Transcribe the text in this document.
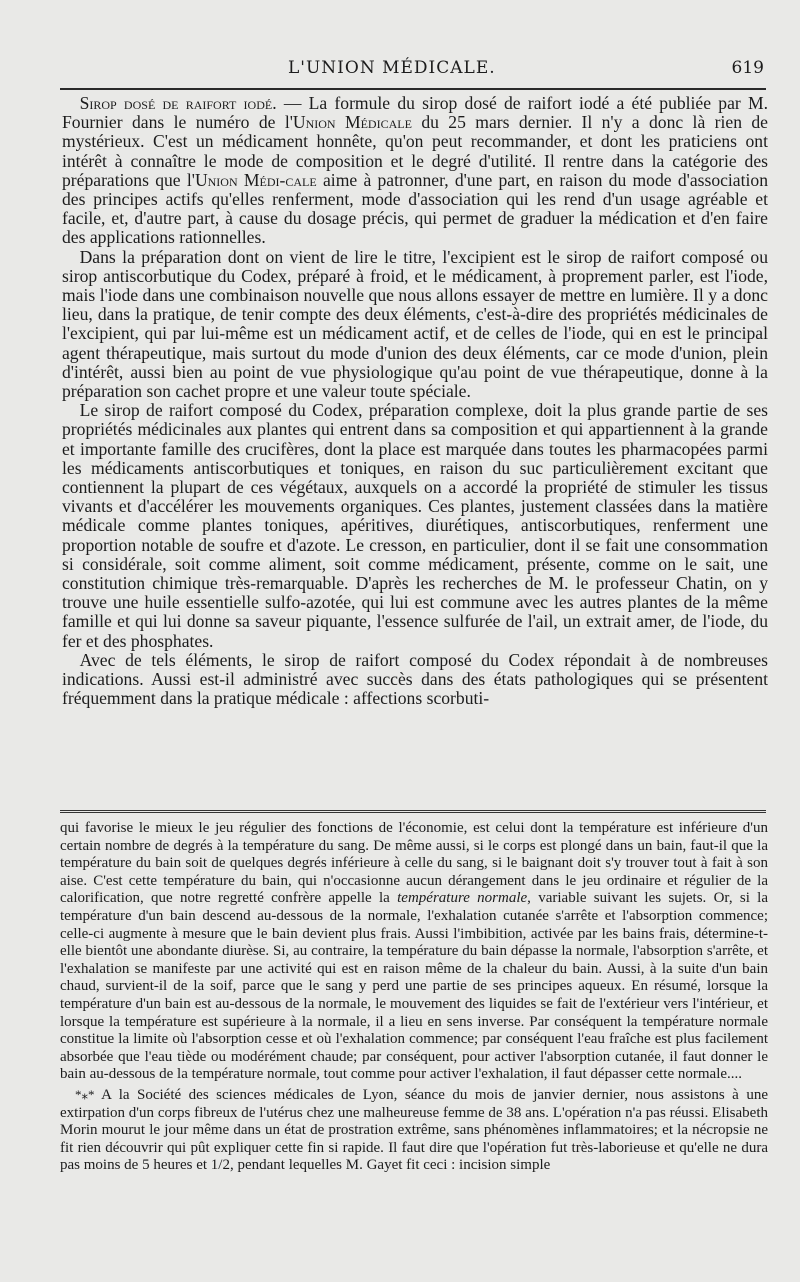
L'UNION MÉDICALE.	619

 Sirop dosé de raifort iodé. — La formule du sirop dosé de raifort iodé a été publiée par M. Fournier dans le numéro de l'Union Médicale du 25 mars dernier. Il n'y a donc là rien de mystérieux. C'est un médicament honnête, qu'on peut recommander, et dont les praticiens ont intérêt à connaître le mode de composition et le degré d'utilité. Il rentre dans la catégorie des préparations que l'Union Médi-cale aime à patronner, d'une part, en raison du mode d'association des principes actifs qu'elles renferment, mode d'association qui les rend d'un usage agréable et facile, et, d'autre part, à cause du dosage précis, qui permet de graduer la médication et d'en faire des applications rationnelles.

 Dans la préparation dont on vient de lire le titre, l'excipient est le sirop de raifort composé ou sirop antiscorbutique du Codex, préparé à froid, et le médicament, à proprement parler, est l'iode, mais l'iode dans une combinaison nouvelle que nous allons essayer de mettre en lumière. Il y a donc lieu, dans la pratique, de tenir compte des deux éléments, c'est-à-dire des propriétés médicinales de l'excipient, qui par lui-même est un médicament actif, et de celles de l'iode, qui en est le principal agent thérapeutique, mais surtout du mode d'union des deux éléments, car ce mode d'union, plein d'intérêt, aussi bien au point de vue physiologique qu'au point de vue thérapeutique, donne à la préparation son cachet propre et une valeur toute spéciale.

 Le sirop de raifort composé du Codex, préparation complexe, doit la plus grande partie de ses propriétés médicinales aux plantes qui entrent dans sa composition et qui appartiennent à la grande et importante famille des crucifères, dont la place est marquée dans toutes les pharmacopées parmi les médicaments antiscorbutiques et toniques, en raison du suc particulièrement excitant que contiennent la plupart de ces végétaux, auxquels on a accordé la propriété de stimuler les tissus vivants et d'accélérer les mouvements organiques. Ces plantes, justement classées dans la matière médicale comme plantes toniques, apéritives, diurétiques, antiscorbutiques, renferment une proportion notable de soufre et d'azote. Le cresson, en particulier, dont il se fait une consommation si considérale, soit comme aliment, soit comme médicament, présente, comme on le sait, une constitution chimique très-remarquable. D'après les recherches de M. le professeur Chatin, on y trouve une huile essentielle sulfo-azotée, qui lui est commune avec les autres plantes de la même famille et qui lui donne sa saveur piquante, l'essence sulfurée de l'ail, un extrait amer, de l'iode, du fer et des phosphates.

 Avec de tels éléments, le sirop de raifort composé du Codex répondait à de nombreuses indications. Aussi est-il administré avec succès dans des états pathologiques qui se présentent fréquemment dans la pratique médicale : affections scorbuti-

qui favorise le mieux le jeu régulier des fonctions de l'économie, est celui dont la température est inférieure d'un certain nombre de degrés à la température du sang. De même aussi, si le corps est plongé dans un bain, faut-il que la température du bain soit de quelques degrés inférieure à celle du sang, si le baignant doit s'y trouver tout à fait à son aise. C'est cette température du bain, qui n'occasionne aucun dérangement dans le jeu ordinaire et régulier de la calorification, que notre regretté confrère appelle la température normale, variable suivant les sujets. Or, si la température d'un bain descend au-dessous de la normale, l'exhalation cutanée s'arrête et l'absorption commence; celle-ci augmente à mesure que le bain devient plus frais. Aussi l'imbibition, activée par les bains frais, détermine-t-elle bientôt une abondante diurèse. Si, au contraire, la température du bain dépasse la normale, l'absorption s'arrête, et l'exhalation se manifeste par une activité qui est en raison même de la chaleur du bain. Aussi, à la suite d'un bain chaud, survient-il de la soif, parce que le sang y perd une partie de ses principes aqueux. En résumé, lorsque la température d'un bain est au-dessous de la normale, le mouvement des liquides se fait de l'extérieur vers l'intérieur, et lorsque la température est supérieure à la normale, il a lieu en sens inverse. Par conséquent la température normale constitue la limite où l'absorption cesse et où l'exhalation commence; par conséquent l'eau fraîche est plus facilement absorbée que l'eau tiède ou modérément chaude; par conséquent, pour activer l'absorption cutanée, il faut donner le bain au-dessous de la température normale, tout comme pour activer l'exhalation, il faut dépasser cette normale....

 *⁎* A la Société des sciences médicales de Lyon, séance du mois de janvier dernier, nous assistons à une extirpation d'un corps fibreux de l'utérus chez une malheureuse femme de 38 ans. L'opération n'a pas réussi. Elisabeth Morin mourut le jour même dans un état de prostration extrême, sans phénomènes inflammatoires; et la nécropsie ne fit rien découvrir qui pût expliquer cette fin si rapide. Il faut dire que l'opération fut très-laborieuse et qu'elle ne dura pas moins de 5 heures et 1/2, pendant lequelles M. Gayet fit ceci : incision simple
